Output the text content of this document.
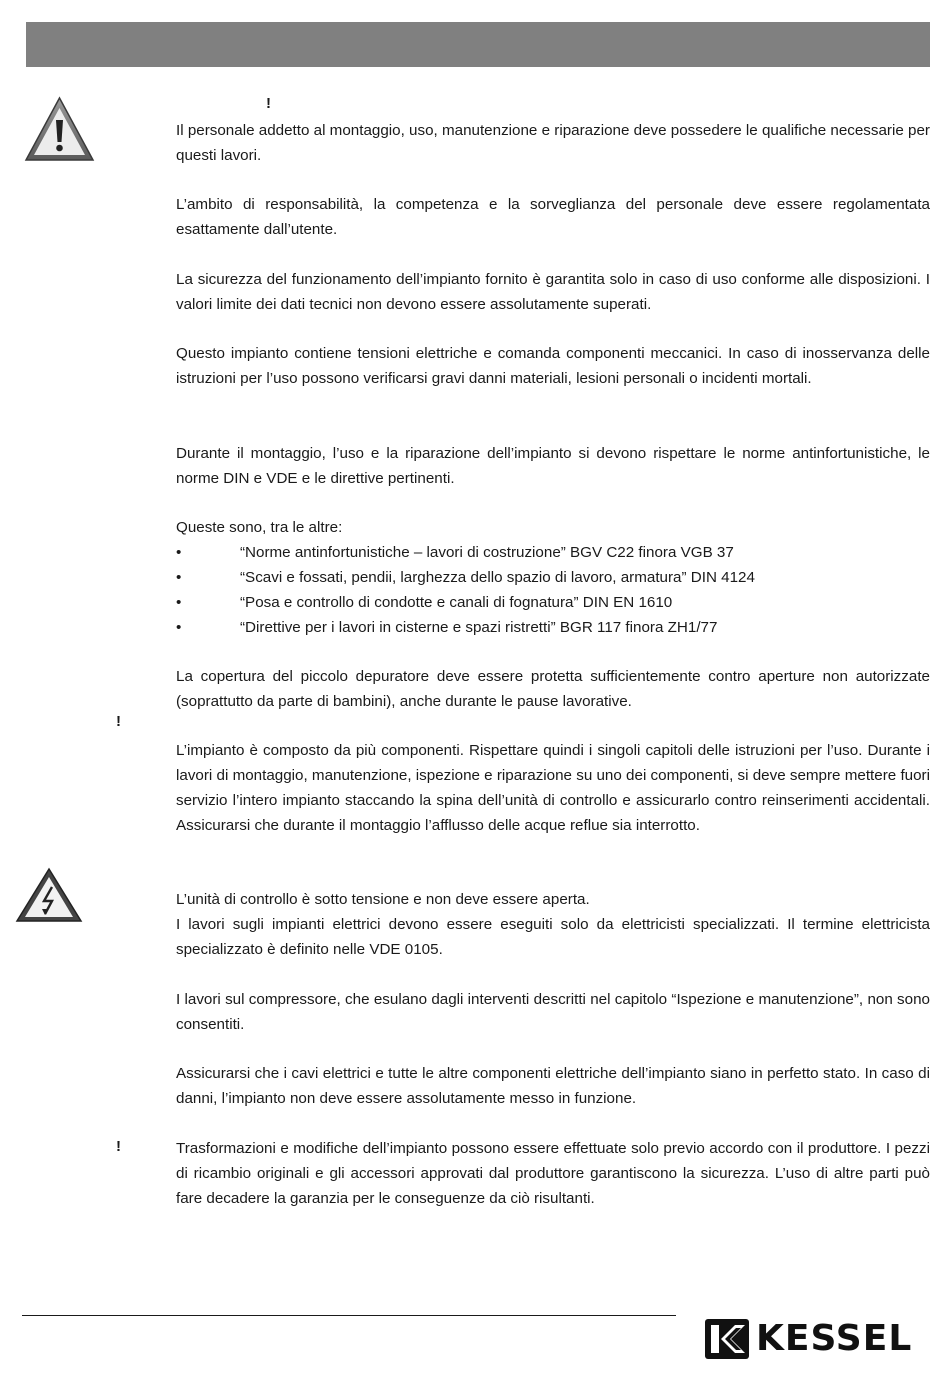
!

Il personale addetto al montaggio, uso, manutenzione e riparazione deve possedere le qualifiche necessarie per questi lavori.

L’ambito di responsabilità, la competenza e la sorveglianza del personale deve essere regolamentata esattamente dall’utente.

La sicurezza del funzionamento dell’impianto fornito è garantita solo in caso di uso conforme alle disposizioni. I valori limite dei dati tecnici non devono essere assolutamente superati.

Questo impianto contiene tensioni elettriche e comanda componenti meccanici. In caso di inosservanza delle istruzioni per l’uso possono verificarsi gravi danni materiali, lesioni personali o incidenti mortali.

Durante il montaggio, l’uso e la riparazione dell’impianto si devono rispettare le norme antinfortunistiche, le norme DIN e VDE e le direttive pertinenti.

Queste sono, tra le altre:

•	“Norme antinfortunistiche – lavori di costruzione” BGV C22 finora VGB 37
•	“Scavi e fossati, pendii, larghezza dello spazio di lavoro, armatura” DIN 4124
•	“Posa e controllo di condotte e canali di fognatura” DIN EN 1610
•	“Direttive per i lavori in cisterne e spazi ristretti” BGR 117 finora ZH1/77

La copertura del piccolo depuratore deve essere protetta sufficientemente contro aperture non autorizzate (soprattutto da parte di bambini), anche durante le pause lavorative.

!

L’impianto è composto da più componenti. Rispettare quindi i singoli capitoli delle istruzioni per l’uso. Durante i lavori di montaggio, manutenzione, ispezione e riparazione su uno dei componenti, si deve sempre mettere fuori servizio l’intero impianto staccando la spina dell’unità di controllo e assicurarlo contro reinserimenti accidentali. Assicurarsi che durante il montaggio l’afflusso delle acque reflue sia interrotto.

L’unità di controllo è sotto tensione e non deve essere aperta.

I lavori sugli impianti elettrici devono essere eseguiti solo da elettricisti specializzati. Il termine elettricista specializzato è definito nelle VDE 0105.

I lavori sul compressore, che esulano dagli interventi descritti nel capitolo “Ispezione e manutenzione”, non sono consentiti.

Assicurarsi che i cavi elettrici e tutte le altre componenti elettriche dell’impianto siano in perfetto stato. In caso di danni, l’impianto non deve essere assolutamente messo in funzione.

!	Trasformazioni e modifiche dell’impianto possono essere effettuate solo previo accordo con il produttore. I pezzi di ricambio originali e gli accessori approvati dal produttore garantiscono la sicurezza. L’uso di altre parti può fare decadere la garanzia per le conseguenze da ciò risultanti.

KESSEL
